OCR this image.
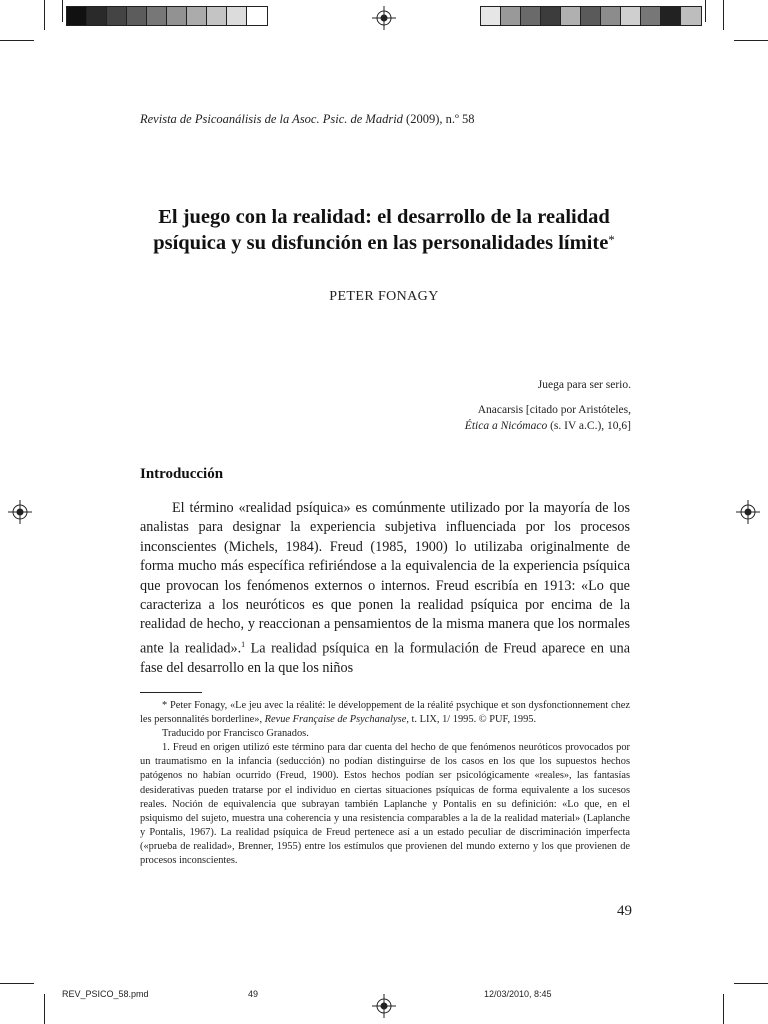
Revista de Psicoanálisis de la Asoc. Psic. de Madrid (2009), n.º 58
El juego con la realidad: el desarrollo de la realidad
psíquica y su disfunción en las personalidades límite*
PETER FONAGY
Juega para ser serio.
Anacarsis [citado por Aristóteles,
Ética a Nicómaco (s. IV a.C.), 10,6]
Introducción

El término «realidad psíquica» es comúnmente utilizado por la mayoría de los analistas para designar la experiencia subjetiva influenciada por los procesos inconscientes (Michels, 1984). Freud (1985, 1900) lo utilizaba originalmente de forma mucho más específica refiriéndose a la equivalencia de la experiencia psíquica que provocan los fenómenos externos o internos. Freud escribía en 1913: «Lo que caracteriza a los neuróticos es que ponen la realidad psíquica por encima de la realidad de hecho, y reaccionan a pensamientos de la misma manera que los normales ante la realidad».$^1$ La realidad psíquica en la formulación de Freud aparece en una fase del desarrollo en la que los niños

* Peter Fonagy, «Le jeu avec la réalité: le développement de la réalité psychique et son dysfonctionnement chez les personnalités borderline», Revue Française de Psychanalyse, t. LIX, 1/ 1995. © PUF, 1995.

Traducido por Francisco Granados.

1. Freud en origen utilizó este término para dar cuenta del hecho de que fenómenos neuróticos provocados por un traumatismo en la infancia (seducción) no podían distinguirse de los casos en los que los supuestos hechos patógenos no habían ocurrido (Freud, 1900). Estos hechos podían ser psicológicamente «reales», las fantasías desiderativas pueden tratarse por el individuo en ciertas situaciones psíquicas de forma equivalente a los sucesos reales. Noción de equivalencia que subrayan también Laplanche y Pontalis en su definición: «Lo que, en el psiquismo del sujeto, muestra una coherencia y una resistencia comparables a la de la realidad material» (Laplanche y Pontalis, 1967). La realidad psíquica de Freud pertenece así a un estado peculiar de discriminación imperfecta («prueba de realidad», Brenner, 1955) entre los estímulos que provienen del mundo externo y los que provienen de procesos inconscientes.

49
REV_PSICO_58.pmd	49	12/03/2010, 8:45
